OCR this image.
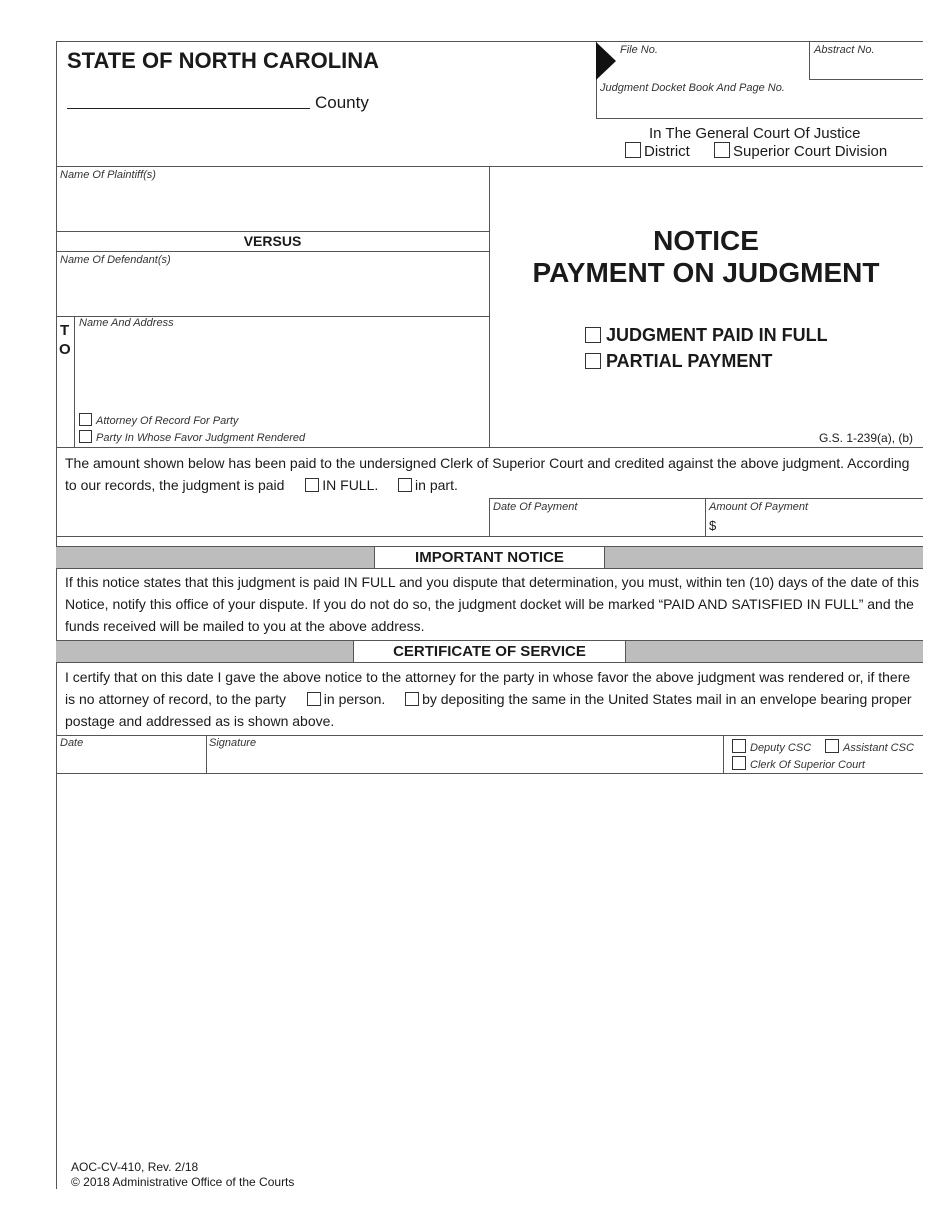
STATE OF NORTH CAROLINA
County
File No.	Abstract No.
Judgment Docket Book And Page No.
In The General Court Of Justice
District	Superior Court Division
Name Of Plaintiff(s)
VERSUS
Name Of Defendant(s)
T
O
Name And Address
Attorney Of Record For Party
Party In Whose Favor Judgment Rendered
NOTICE
PAYMENT ON JUDGMENT
JUDGMENT PAID IN FULL
PARTIAL PAYMENT
G.S. 1-239(a), (b)
The amount shown below has been paid to the undersigned Clerk of Superior Court and credited against the above judgment. According
to our records, the judgment is paid	IN FULL.	in part.
Date Of Payment	Amount Of Payment
$
IMPORTANT NOTICE
If this notice states that this judgment is paid IN FULL and you dispute that determination, you must, within ten (10) days of the date of this
Notice, notify this office of your dispute. If you do not do so, the judgment docket will be marked “PAID AND SATISFIED IN FULL” and the
funds received will be mailed to you at the above address.
CERTIFICATE OF SERVICE
I certify that on this date I gave the above notice to the attorney for the party in whose favor the above judgment was rendered or, if there
is no attorney of record, to the party	in person.	by depositing the same in the United States mail in an envelope bearing proper
postage and addressed as is shown above.
Date	Signature	Deputy CSC	Assistant CSC
Clerk Of Superior Court
AOC-CV-410, Rev. 2/18
© 2018 Administrative Office of the Courts
